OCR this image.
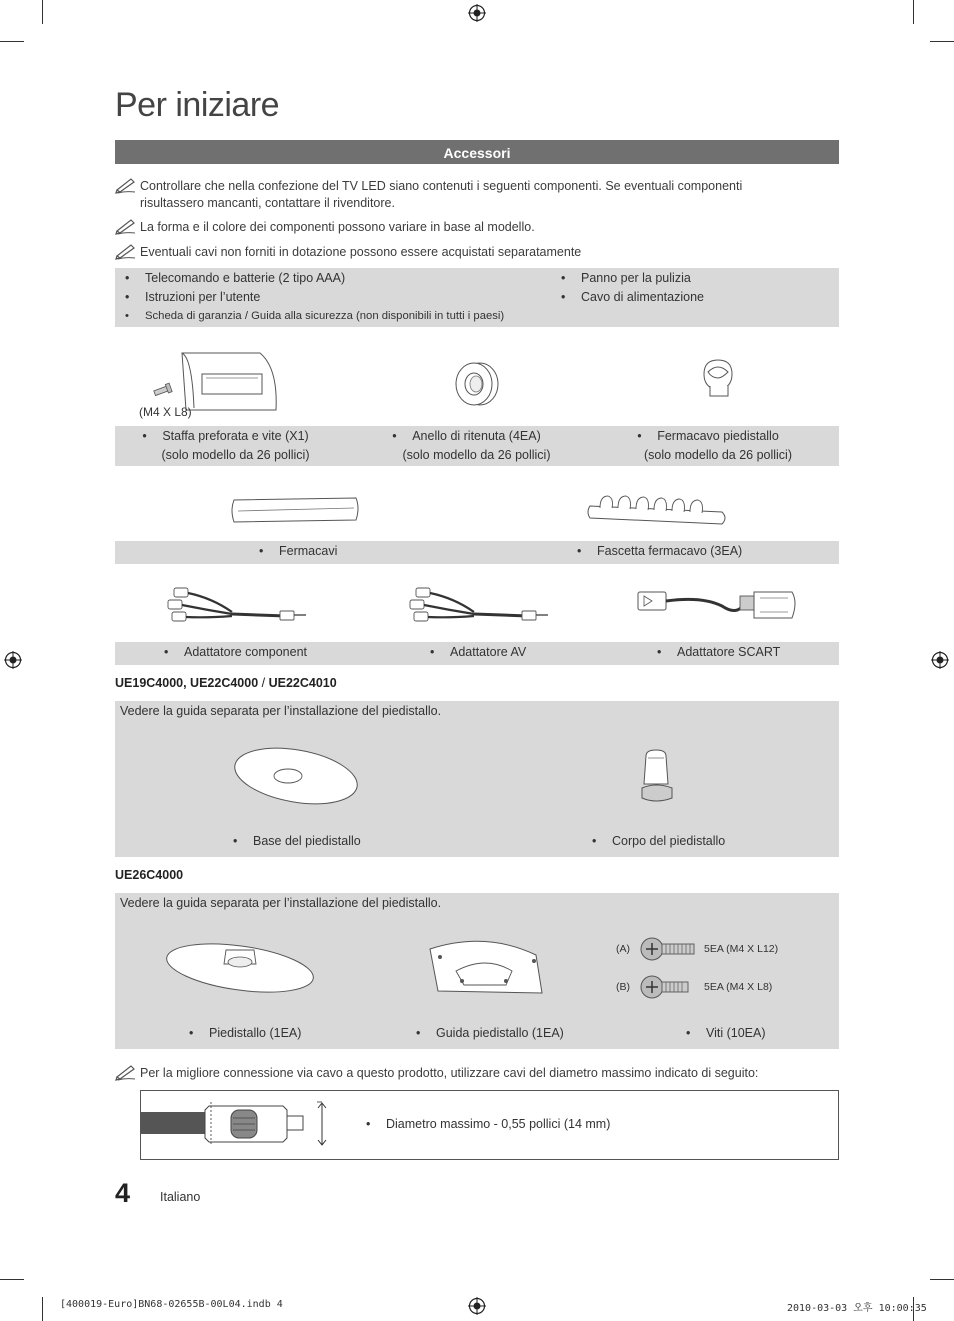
Per iniziare
Accessori
Controllare che nella confezione del TV LED siano contenuti i seguenti componenti. Se eventuali componenti
risultassero mancanti, contattare il rivenditore.
La forma e il colore dei componenti possono variare in base al modello.
Eventuali cavi non forniti in dotazione possono essere acquistati separatamente
• Telecomando e batterie (2 tipo AAA)
• Istruzioni per l’utente
• Scheda di garanzia / Guida alla sicurezza (non disponibili in tutti i paesi)
• Panno per la pulizia
• Cavo di alimentazione
(M4 X L8)
• Staffa preforata e vite (X1)
(solo modello da 26 pollici)
• Anello di ritenuta (4EA)
(solo modello da 26 pollici)
• Fermacavo piedistallo
(solo modello da 26 pollici)
• Fermacavi	• Fascetta fermacavo (3EA)
• Adattatore component	• Adattatore AV	• Adattatore SCART
UE19C4000, UE22C4000 / UE22C4010
Vedere la guida separata per l’installazione del piedistallo.
• Base del piedistallo	• Corpo del piedistallo
UE26C4000
Vedere la guida separata per l’installazione del piedistallo.
(A)	5EA (M4 X L12)
(B)	5EA (M4 X L8)
• Piedistallo (1EA)	• Guida piedistallo (1EA)	• Viti (10EA)
Per la migliore connessione via cavo a questo prodotto, utilizzare cavi del diametro massimo indicato di seguito:
• Diametro massimo - 0,55 pollici (14 mm)
4 Italiano
[400019-Euro]BN68-02655B-00L04.indb 4	2010-03-03 오후 10:00:35
